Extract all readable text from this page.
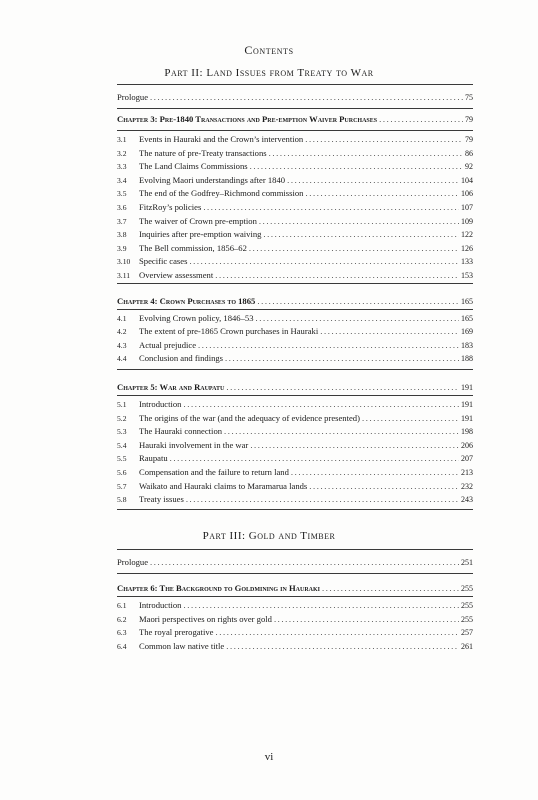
Contents
Part II: Land Issues from Treaty to War
Prologue .....	75
Chapter 3: Pre-1840 Transactions and Pre-emption Waiver Purchases .....	79
3.1	Events in Hauraki and the Crown’s intervention .....	79
3.2	The nature of pre-Treaty transactions .....	86
3.3	The Land Claims Commissions .....	92
3.4	Evolving Maori understandings after 1840 .....	104
3.5	The end of the Godfrey–Richmond commission .....	106
3.6	FitzRoy’s policies .....	107
3.7	The waiver of Crown pre-emption .....	109
3.8	Inquiries after pre-emption waiving .....	122
3.9	The Bell commission, 1856–62 .....	126
3.10	Specific cases .....	133
3.11	Overview assessment .....	153
Chapter 4: Crown Purchases to 1865 .....	165
4.1	Evolving Crown policy, 1846–53 .....	165
4.2	The extent of pre-1865 Crown purchases in Hauraki .....	169
4.3	Actual prejudice .....	183
4.4	Conclusion and findings .....	188
Chapter 5: War and Raupatu .....	191
5.1	Introduction .....	191
5.2	The origins of the war (and the adequacy of evidence presented) .....	191
5.3	The Hauraki connection .....	198
5.4	Hauraki involvement in the war .....	206
5.5	Raupatu .....	207
5.6	Compensation and the failure to return land .....	213
5.7	Waikato and Hauraki claims to Maramarua lands .....	232
5.8	Treaty issues .....	243
Part III: Gold and Timber
Prologue .....	251
Chapter 6: The Background to Goldmining in Hauraki .....	255
6.1	Introduction .....	255
6.2	Maori perspectives on rights over gold .....	255
6.3	The royal prerogative .....	257
6.4	Common law native title .....	261
vi
